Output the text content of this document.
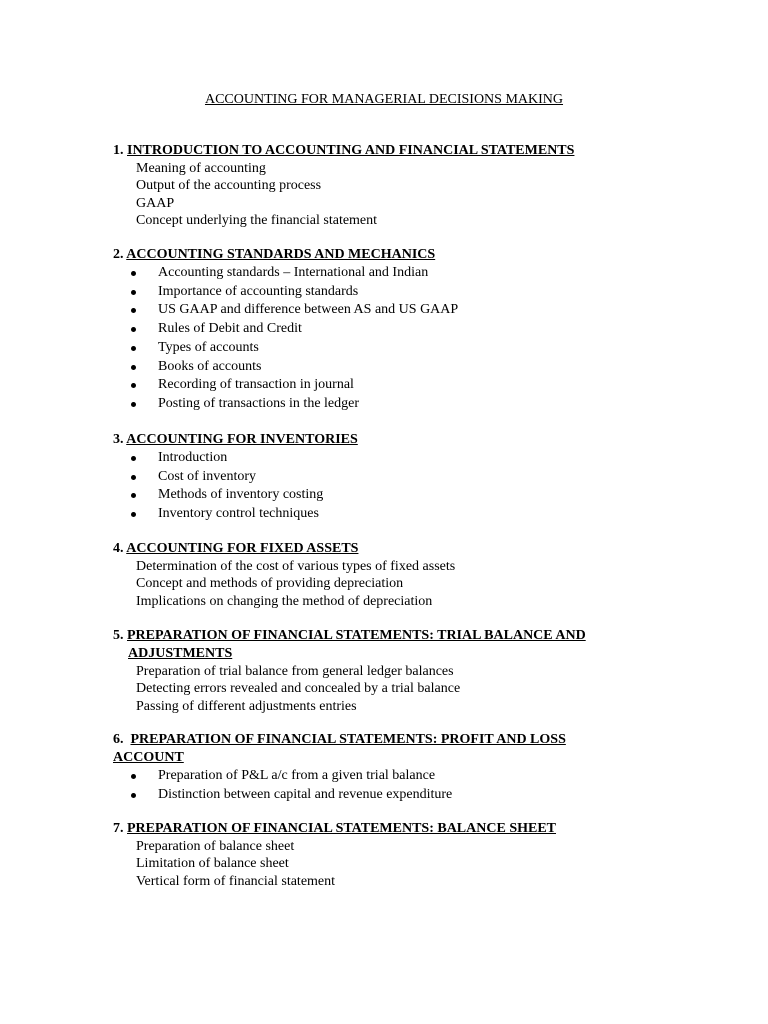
ACCOUNTING FOR MANAGERIAL DECISIONS MAKING
1. INTRODUCTION TO ACCOUNTING AND FINANCIAL STATEMENTS
Meaning of accounting
Output of the accounting process
GAAP
Concept underlying the financial statement
2. ACCOUNTING STANDARDS AND MECHANICS
Accounting standards – International and Indian
Importance of accounting standards
US GAAP and difference between AS and US GAAP
Rules of Debit and Credit
Types of accounts
Books of accounts
Recording of transaction in journal
Posting of transactions in the ledger
3. ACCOUNTING FOR INVENTORIES
Introduction
Cost of inventory
Methods of inventory costing
Inventory control techniques
4. ACCOUNTING FOR FIXED ASSETS
Determination of the cost of various types of fixed assets
Concept and methods of providing depreciation
Implications on changing the method of depreciation
5. PREPARATION OF FINANCIAL STATEMENTS: TRIAL BALANCE AND
ADJUSTMENTS
Preparation of trial balance from general ledger balances
Detecting errors revealed and concealed by a trial balance
Passing of different adjustments entries
6. PREPARATION OF FINANCIAL STATEMENTS: PROFIT AND LOSS
ACCOUNT
Preparation of P&L a/c from a given trial balance
Distinction between capital and revenue expenditure
7. PREPARATION OF FINANCIAL STATEMENTS: BALANCE SHEET
Preparation of balance sheet
Limitation of balance sheet
Vertical form of financial statement
